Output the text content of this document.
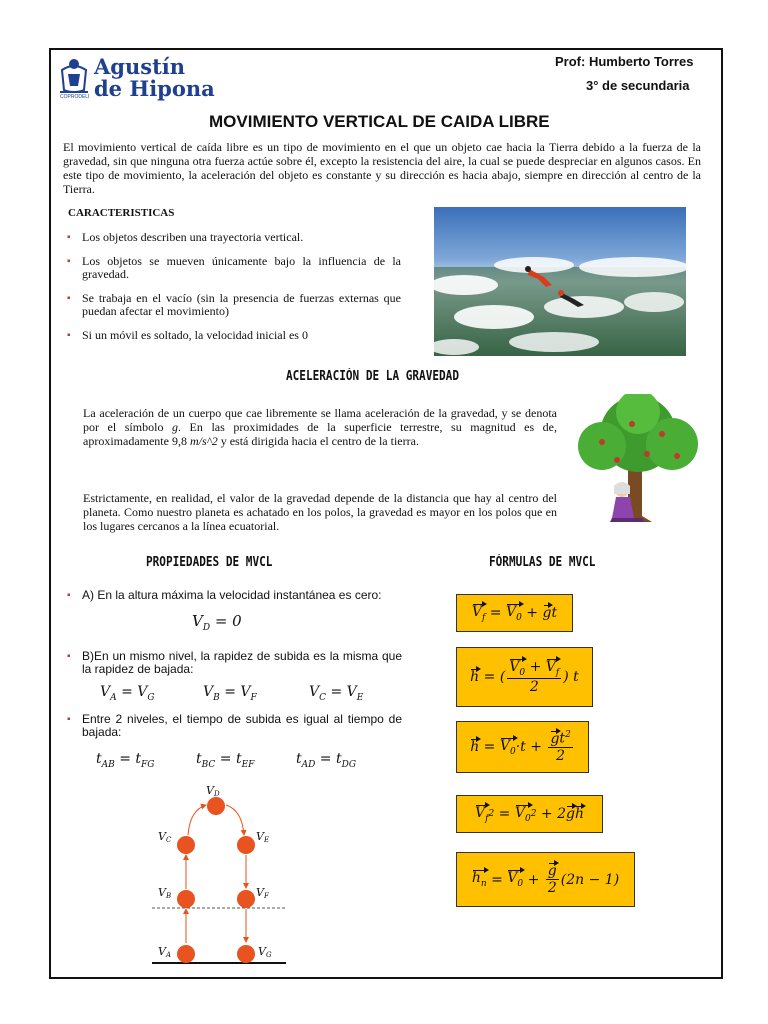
Agustín
de Hipona
COPRODELI
Prof: Humberto Torres
3° de secundaria
MOVIMIENTO VERTICAL DE CAIDA LIBRE
El movimiento vertical de caída libre es un tipo de movimiento en el que un objeto cae hacia la Tierra debido a la fuerza de la gravedad, sin que ninguna otra fuerza actúe sobre él, excepto la resistencia del aire, la cual se puede despreciar en algunos casos. En este tipo de movimiento, la aceleración del objeto es constante y su dirección es hacia abajo, siempre en dirección al centro de la Tierra.
CARACTERISTICAS
▪ Los objetos describen una trayectoria vertical.
▪ Los objetos se mueven únicamente bajo la influencia de la gravedad.
▪ Se trabaja en el vacío (sin la presencia de fuerzas externas que puedan afectar el movimiento)
▪ Si un móvil es soltado, la velocidad inicial es 0
ACELERACIÓN DE LA GRAVEDAD
La aceleración de un cuerpo que cae libremente se llama aceleración de la gravedad, y se denota por el símbolo g. En las proximidades de la superficie terrestre, su magnitud es de, aproximadamente 9,8 m/s^2 y está dirigida hacia el centro de la tierra.
Estrictamente, en realidad, el valor de la gravedad depende de la distancia que hay al centro del planeta. Como nuestro planeta es achatado en los polos, la gravedad es mayor en los polos que en los lugares cercanos a la línea ecuatorial.
PROPIEDADES DE MVCL
▪ A) En la altura máxima la velocidad instantánea es cero:
$V_D = 0$
▪ B)En un mismo nivel, la rapidez de subida es la misma que la rapidez de bajada:
$V_A = V_G$	$V_B = V_F$	$V_C = V_E$
▪ Entre 2 niveles, el tiempo de subida es igual al tiempo de bajada:
$t_{AB} = t_{FG}$	$t_{BC} = t_{EF}$	$t_{AD} = t_{DG}$
VD
VC	VE
VB	VF
VA	VG
FÓRMULAS DE MVCL
$V_f = V_0 + g$ t
h = ( $\frac{V_0 + V_f}{2}$ ) t
$h = V_0 \cdot t + \frac{gt^2}{2}$
$V_f$ $2 = V_0$ 2 + 2 g h
$h_n = V_0 + \frac{g}{2} (2n - 1)$
